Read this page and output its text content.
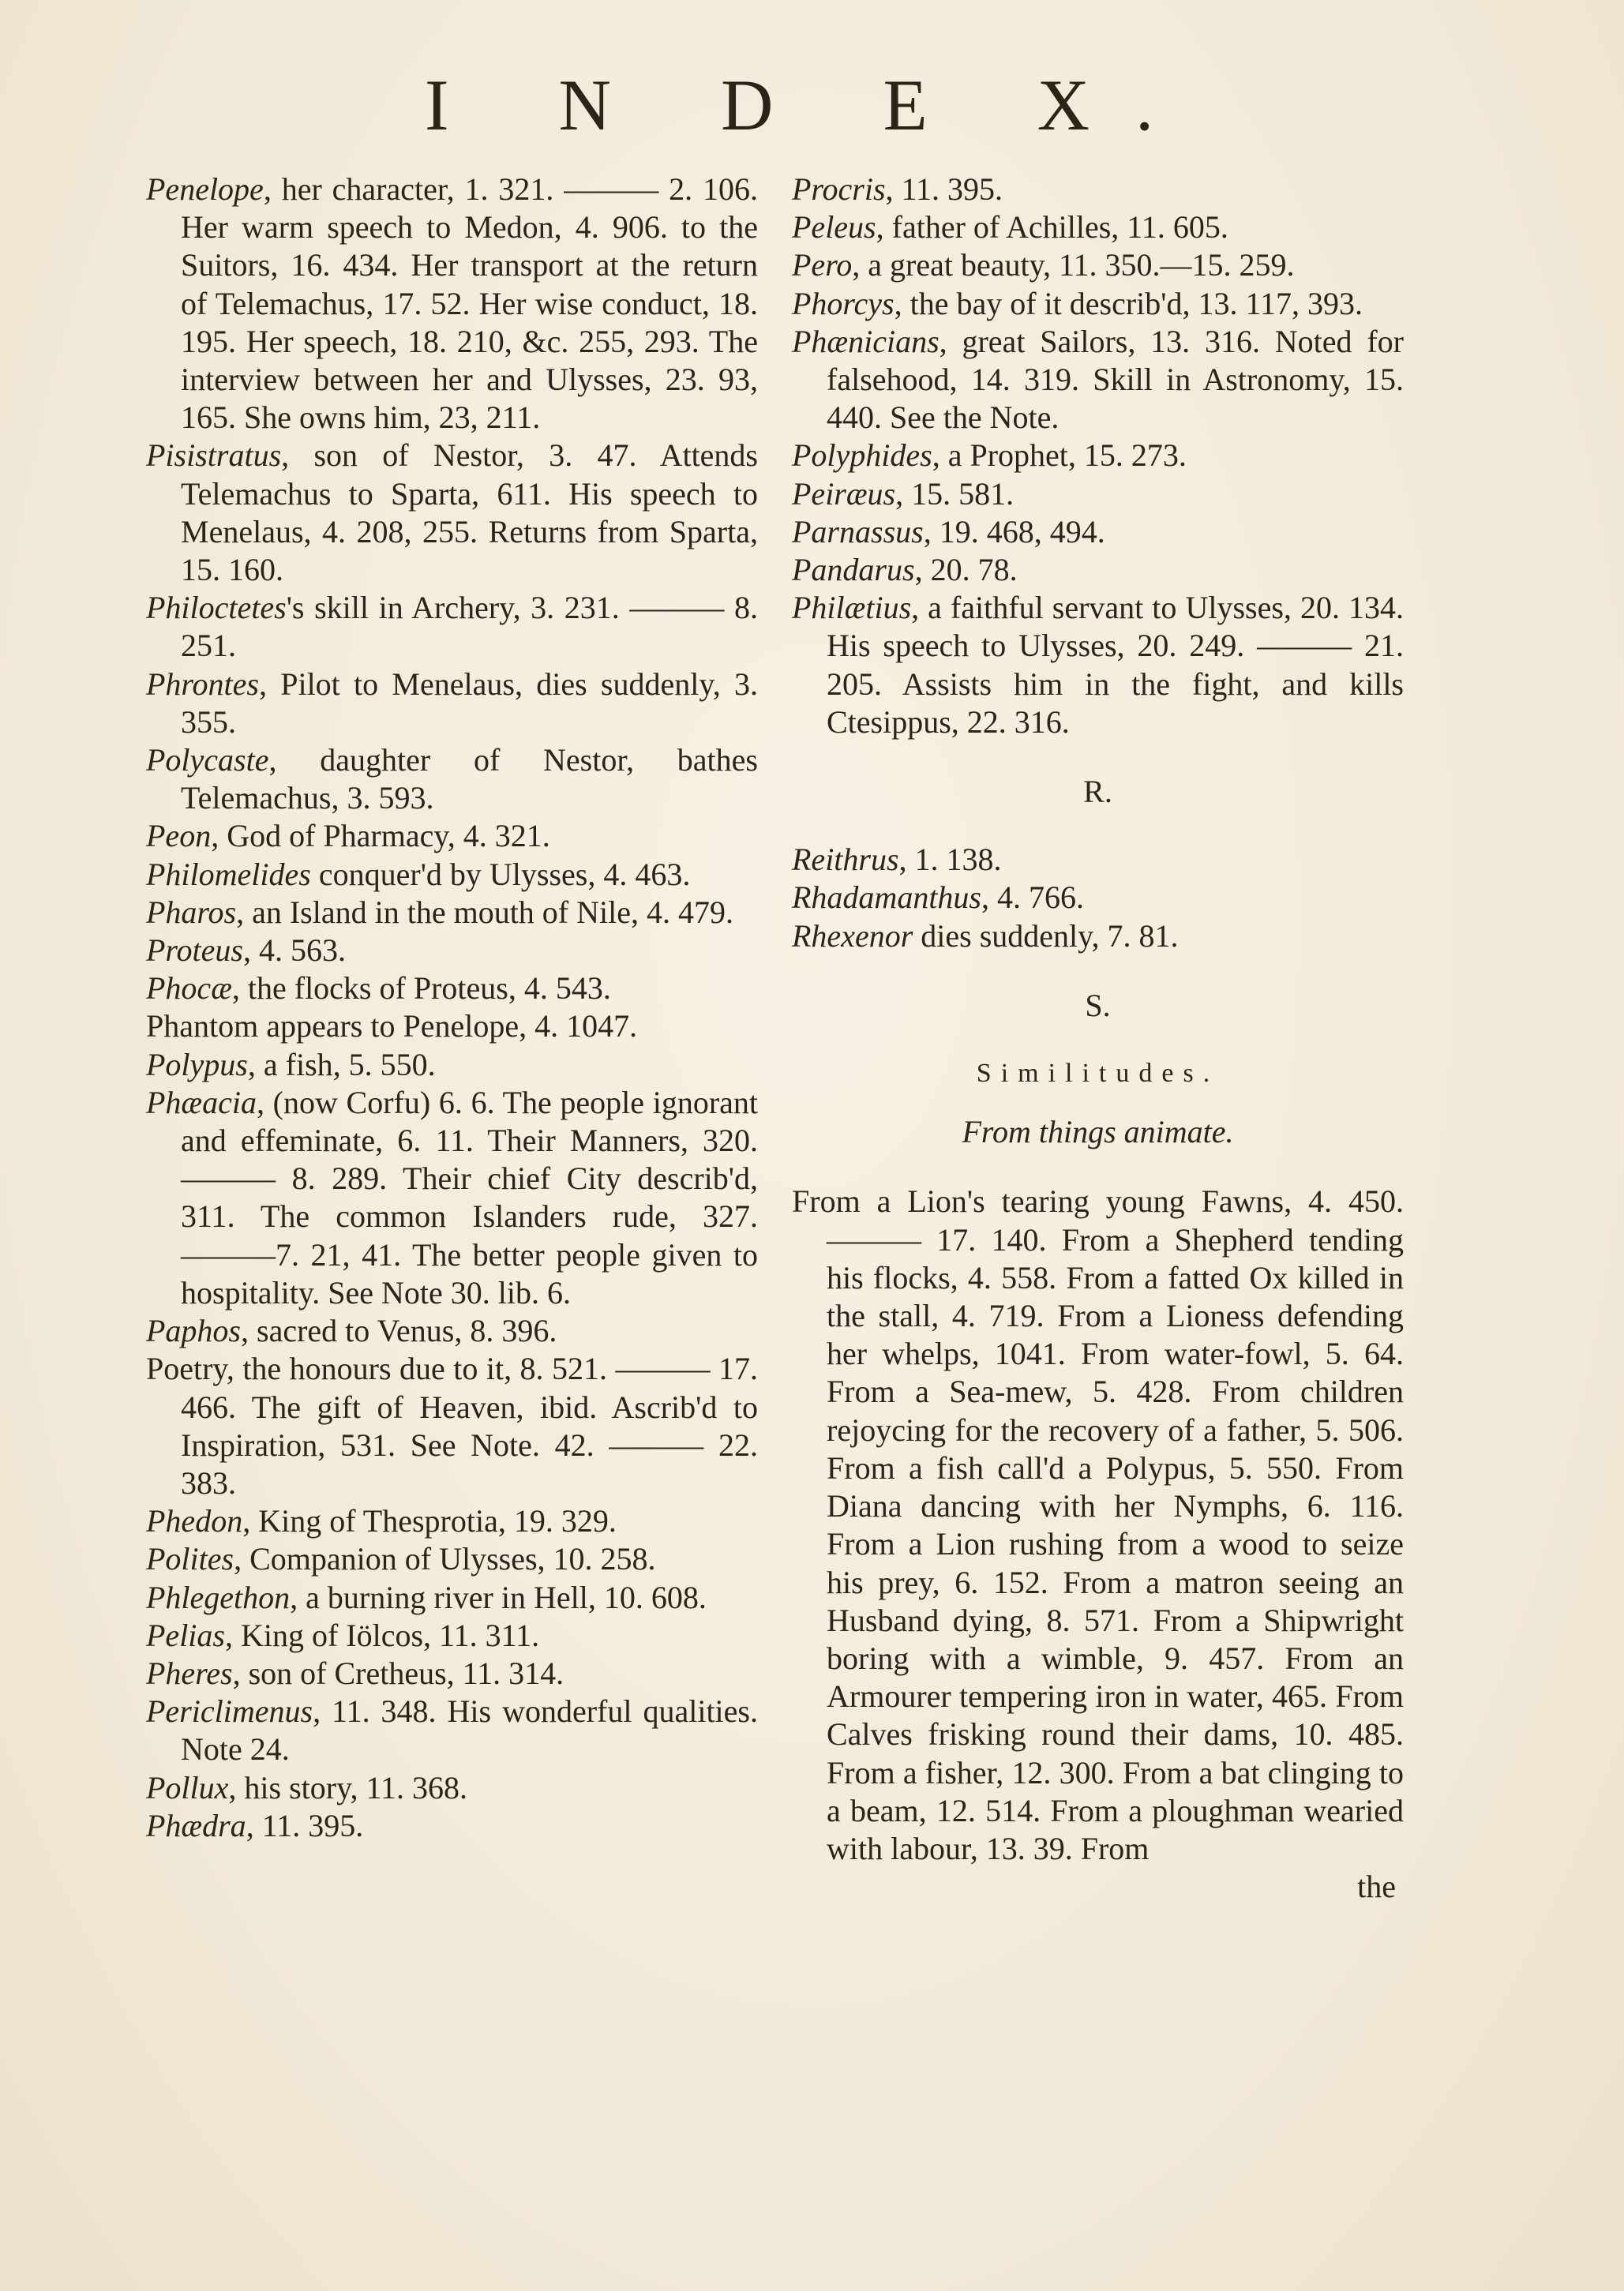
I N D E X.

Penelope, her character, 1. 321. ——— 2. 106. Her warm speech to Medon, 4. 906. to the Suitors, 16. 434. Her transport at the return of Telemachus, 17. 52. Her wise conduct, 18. 195. Her speech, 18. 210, &c. 255, 293. The interview between her and Ulysses, 23. 93, 165. She owns him, 23, 211.

Pisistratus, son of Nestor, 3. 47. Attends Telemachus to Sparta, 611. His speech to Menelaus, 4. 208, 255. Returns from Sparta, 15. 160.

Philoctetes's skill in Archery, 3. 231. ——— 8. 251.

Phrontes, Pilot to Menelaus, dies suddenly, 3. 355.

Polycaste, daughter of Nestor, bathes Telemachus, 3. 593.

Peon, God of Pharmacy, 4. 321.

Philomelides conquer'd by Ulysses, 4. 463.

Pharos, an Island in the mouth of Nile, 4. 479.

Proteus, 4. 563.

Phocæ, the flocks of Proteus, 4. 543.

Phantom appears to Penelope, 4. 1047.

Polypus, a fish, 5. 550.

Phæacia, (now Corfu) 6. 6. The people ignorant and effeminate, 6. 11. Their Manners, 320. ——— 8. 289. Their chief City describ'd, 311. The common Islanders rude, 327. ———7. 21, 41. The better people given to hospitality. See Note 30. lib. 6.

Paphos, sacred to Venus, 8. 396.

Poetry, the honours due to it, 8. 521. ——— 17. 466. The gift of Heaven, ibid. Ascrib'd to Inspiration, 531. See Note. 42. ——— 22. 383.

Phedon, King of Thesprotia, 19. 329.

Polites, Companion of Ulysses, 10. 258.

Phlegethon, a burning river in Hell, 10. 608.

Pelias, King of Iölcos, 11. 311.

Pheres, son of Cretheus, 11. 314.

Periclimenus, 11. 348. His wonderful qualities. Note 24.

Pollux, his story, 11. 368.

Phædra, 11. 395.

Procris, 11. 395.

Peleus, father of Achilles, 11. 605.

Pero, a great beauty, 11. 350.—15. 259.

Phorcys, the bay of it describ'd, 13. 117, 393.

Phænicians, great Sailors, 13. 316. Noted for falsehood, 14. 319. Skill in Astronomy, 15. 440. See the Note.

Polyphides, a Prophet, 15. 273.

Peiræus, 15. 581.

Parnassus, 19. 468, 494.

Pandarus, 20. 78.

Philætius, a faithful servant to Ulysses, 20. 134. His speech to Ulysses, 20. 249. ——— 21. 205. Assists him in the fight, and kills Ctesippus, 22. 316.

R.

Reithrus, 1. 138.

Rhadamanthus, 4. 766.

Rhexenor dies suddenly, 7. 81.

S.
Similitudes.
From things animate.

From a Lion's tearing young Fawns, 4. 450. ——— 17. 140. From a Shepherd tending his flocks, 4. 558. From a fatted Ox killed in the stall, 4. 719. From a Lioness defending her whelps, 1041. From water-fowl, 5. 64. From a Sea-mew, 5. 428. From children rejoycing for the recovery of a father, 5. 506. From a fish call'd a Polypus, 5. 550. From Diana dancing with her Nymphs, 6. 116. From a Lion rushing from a wood to seize his prey, 6. 152. From a matron seeing an Husband dying, 8. 571. From a Shipwright boring with a wimble, 9. 457. From an Armourer tempering iron in water, 465. From Calves frisking round their dams, 10. 485. From a fisher, 12. 300. From a bat clinging to a beam, 12. 514. From a ploughman wearied with labour, 13. 39. From

the
